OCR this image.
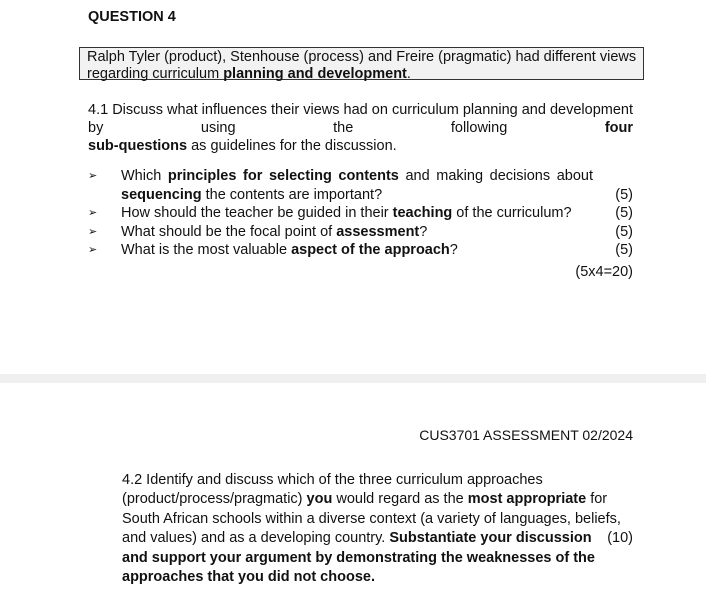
QUESTION 4
Ralph Tyler (product), Stenhouse (process) and Freire (pragmatic) had different views regarding curriculum planning and development.
4.1 Discuss what influences their views had on curriculum planning and development
by	using	the	following	four
sub-questions as guidelines for the discussion.
➢ Which principles for selecting contents and making decisions about sequencing the contents are important?	(5)
➢ How should the teacher be guided in their teaching of the curriculum?	(5)
➢ What should be the focal point of assessment?	(5)
➢ What is the most valuable aspect of the approach?	(5)
(5x4=20)
CUS3701 ASSESSMENT 02/2024
4.2 Identify and discuss which of the three curriculum approaches (product/process/pragmatic) you would regard as the most appropriate for South African schools within a diverse context (a variety of languages, beliefs, and values) and as a developing country.	(10)
Substantiate your discussion and support your argument by demonstrating the weaknesses of the approaches that you did not choose.
